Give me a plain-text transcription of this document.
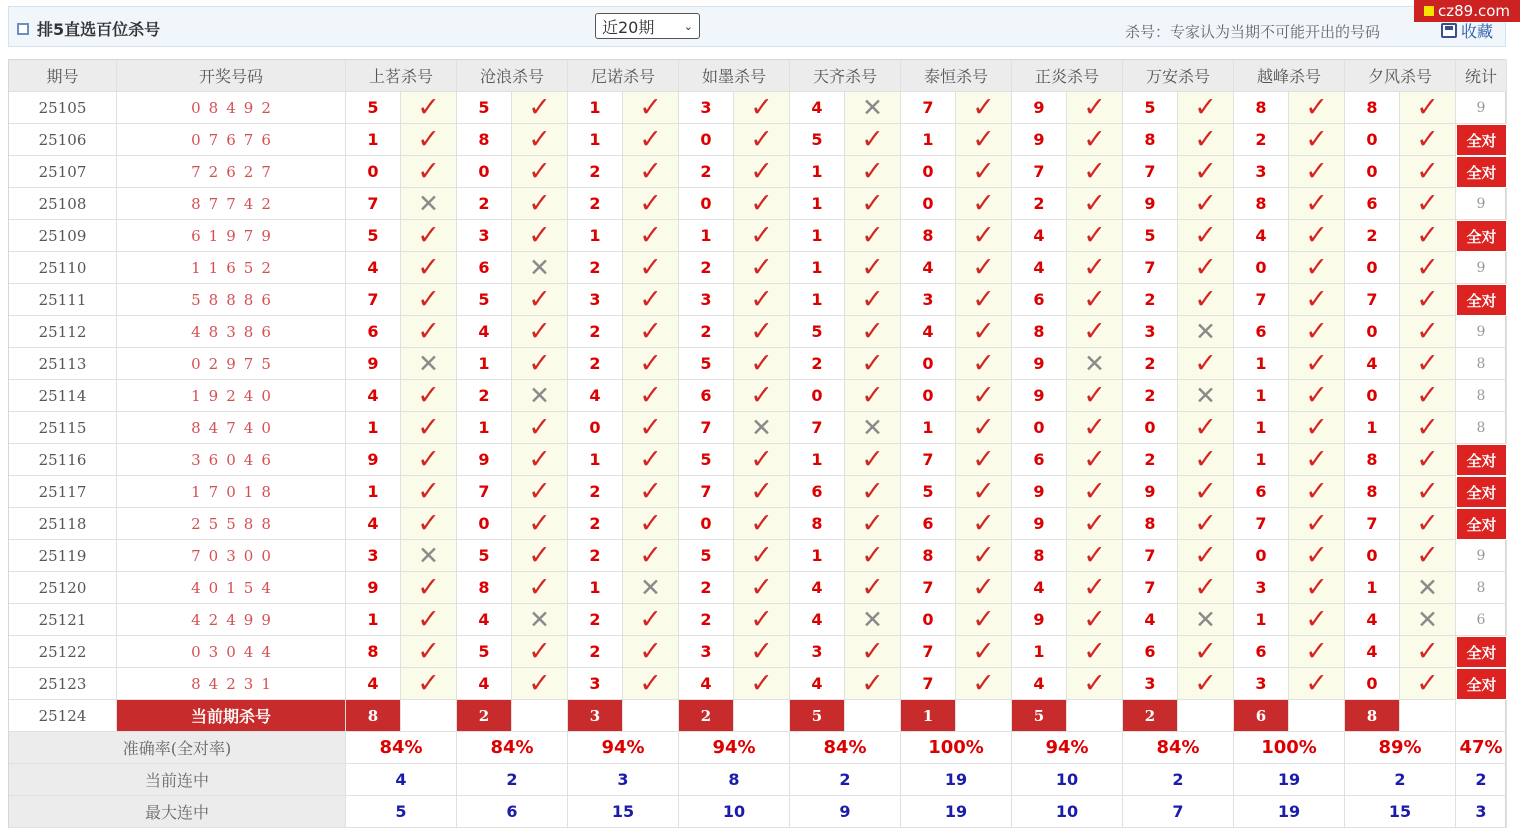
排5直选百位杀号	近20期	⌄	杀号：专家认为当期不可能开出的号码	收藏
cz89.com
期号	开奖号码	上茗杀号	沧浪杀号	尼诺杀号	如墨杀号	天齐杀号	泰恒杀号	正炎杀号	万安杀号	越峰杀号	夕风杀号	统计
25105	08492	5	✓	5	✓	1	✓	3	✓	4	✕	7	✓	9	✓	5	✓	8	✓	8	✓	9
25106	07676	1	✓	8	✓	1	✓	0	✓	5	✓	1	✓	9	✓	8	✓	2	✓	0	✓	全对
25107	72627	0	✓	0	✓	2	✓	2	✓	1	✓	0	✓	7	✓	7	✓	3	✓	0	✓	全对
25108	87742	7	✕	2	✓	2	✓	0	✓	1	✓	0	✓	2	✓	9	✓	8	✓	6	✓	9
25109	61979	5	✓	3	✓	1	✓	1	✓	1	✓	8	✓	4	✓	5	✓	4	✓	2	✓	全对
25110	11652	4	✓	6	✕	2	✓	2	✓	1	✓	4	✓	4	✓	7	✓	0	✓	0	✓	9
25111	58886	7	✓	5	✓	3	✓	3	✓	1	✓	3	✓	6	✓	2	✓	7	✓	7	✓	全对
25112	48386	6	✓	4	✓	2	✓	2	✓	5	✓	4	✓	8	✓	3	✕	6	✓	0	✓	9
25113	02975	9	✕	1	✓	2	✓	5	✓	2	✓	0	✓	9	✕	2	✓	1	✓	4	✓	8
25114	19240	4	✓	2	✕	4	✓	6	✓	0	✓	0	✓	9	✓	2	✕	1	✓	0	✓	8
25115	84740	1	✓	1	✓	0	✓	7	✕	7	✕	1	✓	0	✓	0	✓	1	✓	1	✓	8
25116	36046	9	✓	9	✓	1	✓	5	✓	1	✓	7	✓	6	✓	2	✓	1	✓	8	✓	全对
25117	17018	1	✓	7	✓	2	✓	7	✓	6	✓	5	✓	9	✓	9	✓	6	✓	8	✓	全对
25118	25588	4	✓	0	✓	2	✓	0	✓	8	✓	6	✓	9	✓	8	✓	7	✓	7	✓	全对
25119	70300	3	✕	5	✓	2	✓	5	✓	1	✓	8	✓	8	✓	7	✓	0	✓	0	✓	9
25120	40154	9	✓	8	✓	1	✕	2	✓	4	✓	7	✓	4	✓	7	✓	3	✓	1	✕	8
25121	42499	1	✓	4	✕	2	✓	2	✓	4	✕	0	✓	9	✓	4	✕	1	✓	4	✕	6
25122	03044	8	✓	5	✓	2	✓	3	✓	3	✓	7	✓	1	✓	6	✓	6	✓	4	✓	全对
25123	84231	4	✓	4	✓	3	✓	4	✓	4	✓	7	✓	4	✓	3	✓	3	✓	0	✓	全对
25124	当前期杀号	8	2	3	2	5	1	5	2	6	8
准确率(全对率)	84%	84%	94%	94%	84%	100%	94%	84%	100%	89%	47%
当前连中	4	2	3	8	2	19	10	2	19	2	2
最大连中	5	6	15	10	9	19	10	7	19	15	3
